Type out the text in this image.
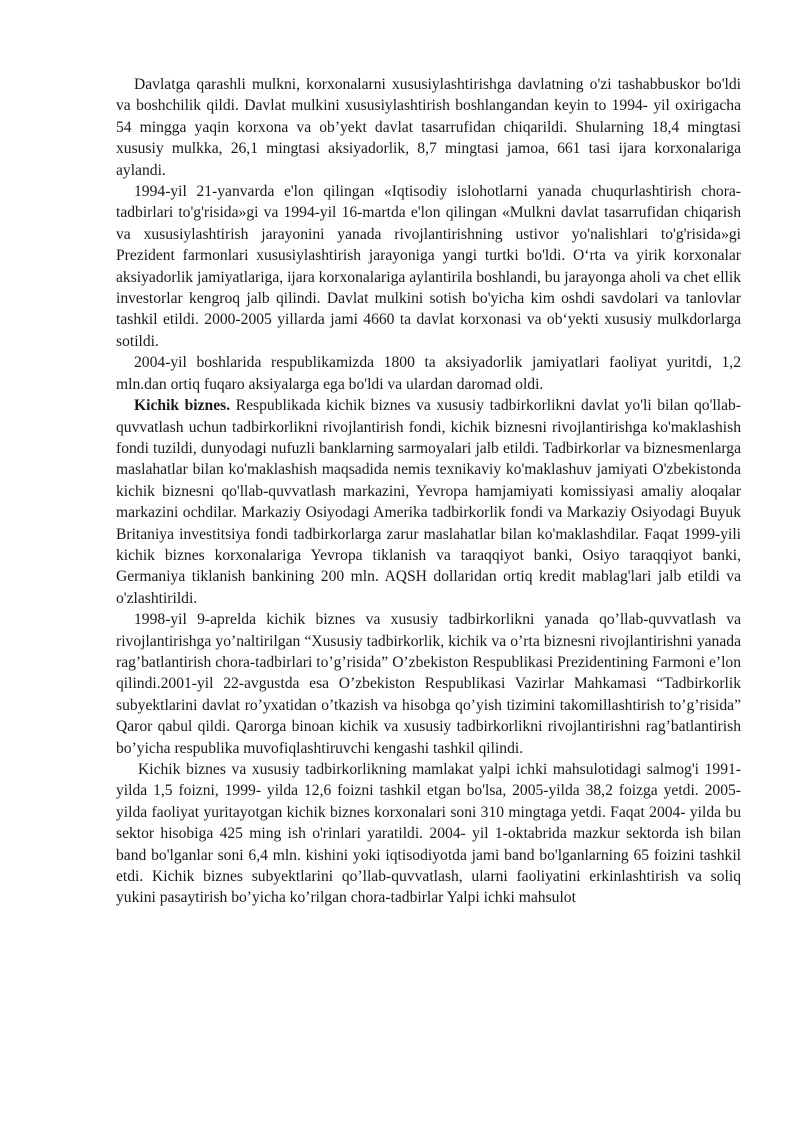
Davlatga qarashli mulkni, korxonalarni xususiylashtirishga davlatning o'zi tashabbuskor bo'ldi va boshchilik qildi. Davlat mulkini xususiylashtirish boshlangandan keyin to 1994- yil oxirigacha 54 mingga yaqin korxona va ob’yekt davlat tasarrufidan chiqarildi. Shularning 18,4 mingtasi xususiy mulkka, 26,1 mingtasi aksiyadorlik, 8,7 mingtasi jamoa, 661 tasi ijara korxonalariga aylandi.

1994-yil 21-yanvarda e'lon qilingan «Iqtisodiy islohotlarni yanada chuqurlashtirish chora-tadbirlari to'g'risida»gi va 1994-yil 16-martda e'lon qilingan «Mulkni davlat tasarrufidan chiqarish va xususiylashtirish jarayonini yanada rivojlantirishning ustivor yo'nalishlari to'g'risida»gi Prezident farmonlari xususiylashtirish jarayoniga yangi turtki bo'ldi. O‘rta va yirik korxonalar aksiyadorlik jamiyatlariga, ijara korxonalariga aylantirila boshlandi, bu jarayonga aholi va chet ellik investorlar kengroq jalb qilindi. Davlat mulkini sotish bo'yicha kim oshdi savdolari va tanlovlar tashkil etildi. 2000-2005 yillarda jami 4660 ta davlat korxonasi va ob‘yekti xususiy mulkdorlarga sotildi.

2004-yil boshlarida respublikamizda 1800 ta aksiyadorlik jamiyatlari faoliyat yuritdi, 1,2 mln.dan ortiq fuqaro aksiyalarga ega bo'ldi va ulardan daromad oldi.

Kichik biznes. Respublikada kichik biznes va xususiy tadbirkorlikni davlat yo'li bilan qo'llab-quvvatlash uchun tadbirkorlikni rivojlantirish fondi, kichik biznesni rivojlantirishga ko'maklashish fondi tuzildi, dunyodagi nufuzli banklarning sarmoyalari jalb etildi. Tadbirkorlar va biznesmenlarga maslahatlar bilan ko'maklashish maqsadida nemis texnikaviy ko'maklashuv jamiyati O'zbekistonda kichik biznesni qo'llab-quvvatlash markazini, Yevropa hamjamiyati komissiyasi amaliy aloqalar markazini ochdilar. Markaziy Osiyodagi Amerika tadbirkorlik fondi va Markaziy Osiyodagi Buyuk Britaniya investitsiya fondi tadbirkorlarga zarur maslahatlar bilan ko'maklashdilar. Faqat 1999-yili kichik biznes korxonalariga Yevropa tiklanish va taraqqiyot banki, Osiyo taraqqiyot banki, Germaniya tiklanish bankining 200 mln. AQSH dollaridan ortiq kredit mablag'lari jalb etildi va o'zlashtirildi.

1998-yil 9-aprelda kichik biznes va xususiy tadbirkorlikni yanada qo’llab-quvvatlash va rivojlantirishga yo’naltirilgan “Xususiy tadbirkorlik, kichik va o’rta biznesni rivojlantirishni yanada rag’batlantirish chora-tadbirlari to’g’risida” O’zbekiston Respublikasi Prezidentining Farmoni e’lon qilindi.2001-yil 22-avgustda esa O’zbekiston Respublikasi Vazirlar Mahkamasi “Tadbirkorlik subyektlarini davlat ro’yxatidan o’tkazish va hisobga qo’yish tizimini takomillashtirish to’g’risida” Qaror qabul qildi. Qarorga binoan kichik va xususiy tadbirkorlikni rivojlantirishni rag’batlantirish bo’yicha respublika muvofiqlashtiruvchi kengashi tashkil qilindi.

Kichik biznes va xususiy tadbirkorlikning mamlakat yalpi ichki mahsulotidagi salmog'i 1991- yilda 1,5 foizni, 1999- yilda 12,6 foizni tashkil etgan bo'lsa, 2005-yilda 38,2 foizga yetdi. 2005- yilda faoliyat yuritayotgan kichik biznes korxonalari soni 310 mingtaga yetdi. Faqat 2004- yilda bu sektor hisobiga 425 ming ish o'rinlari yaratildi. 2004- yil 1-oktabrida mazkur sektorda ish bilan band bo'lganlar soni 6,4 mln. kishini yoki iqtisodiyotda jami band bo'lganlarning 65 foizini tashkil etdi. Kichik biznes subyektlarini qo’llab-quvvatlash, ularni faoliyatini erkinlashtirish va soliq yukini pasaytirish bo’yicha ko’rilgan chora-tadbirlar Yalpi ichki mahsulot
